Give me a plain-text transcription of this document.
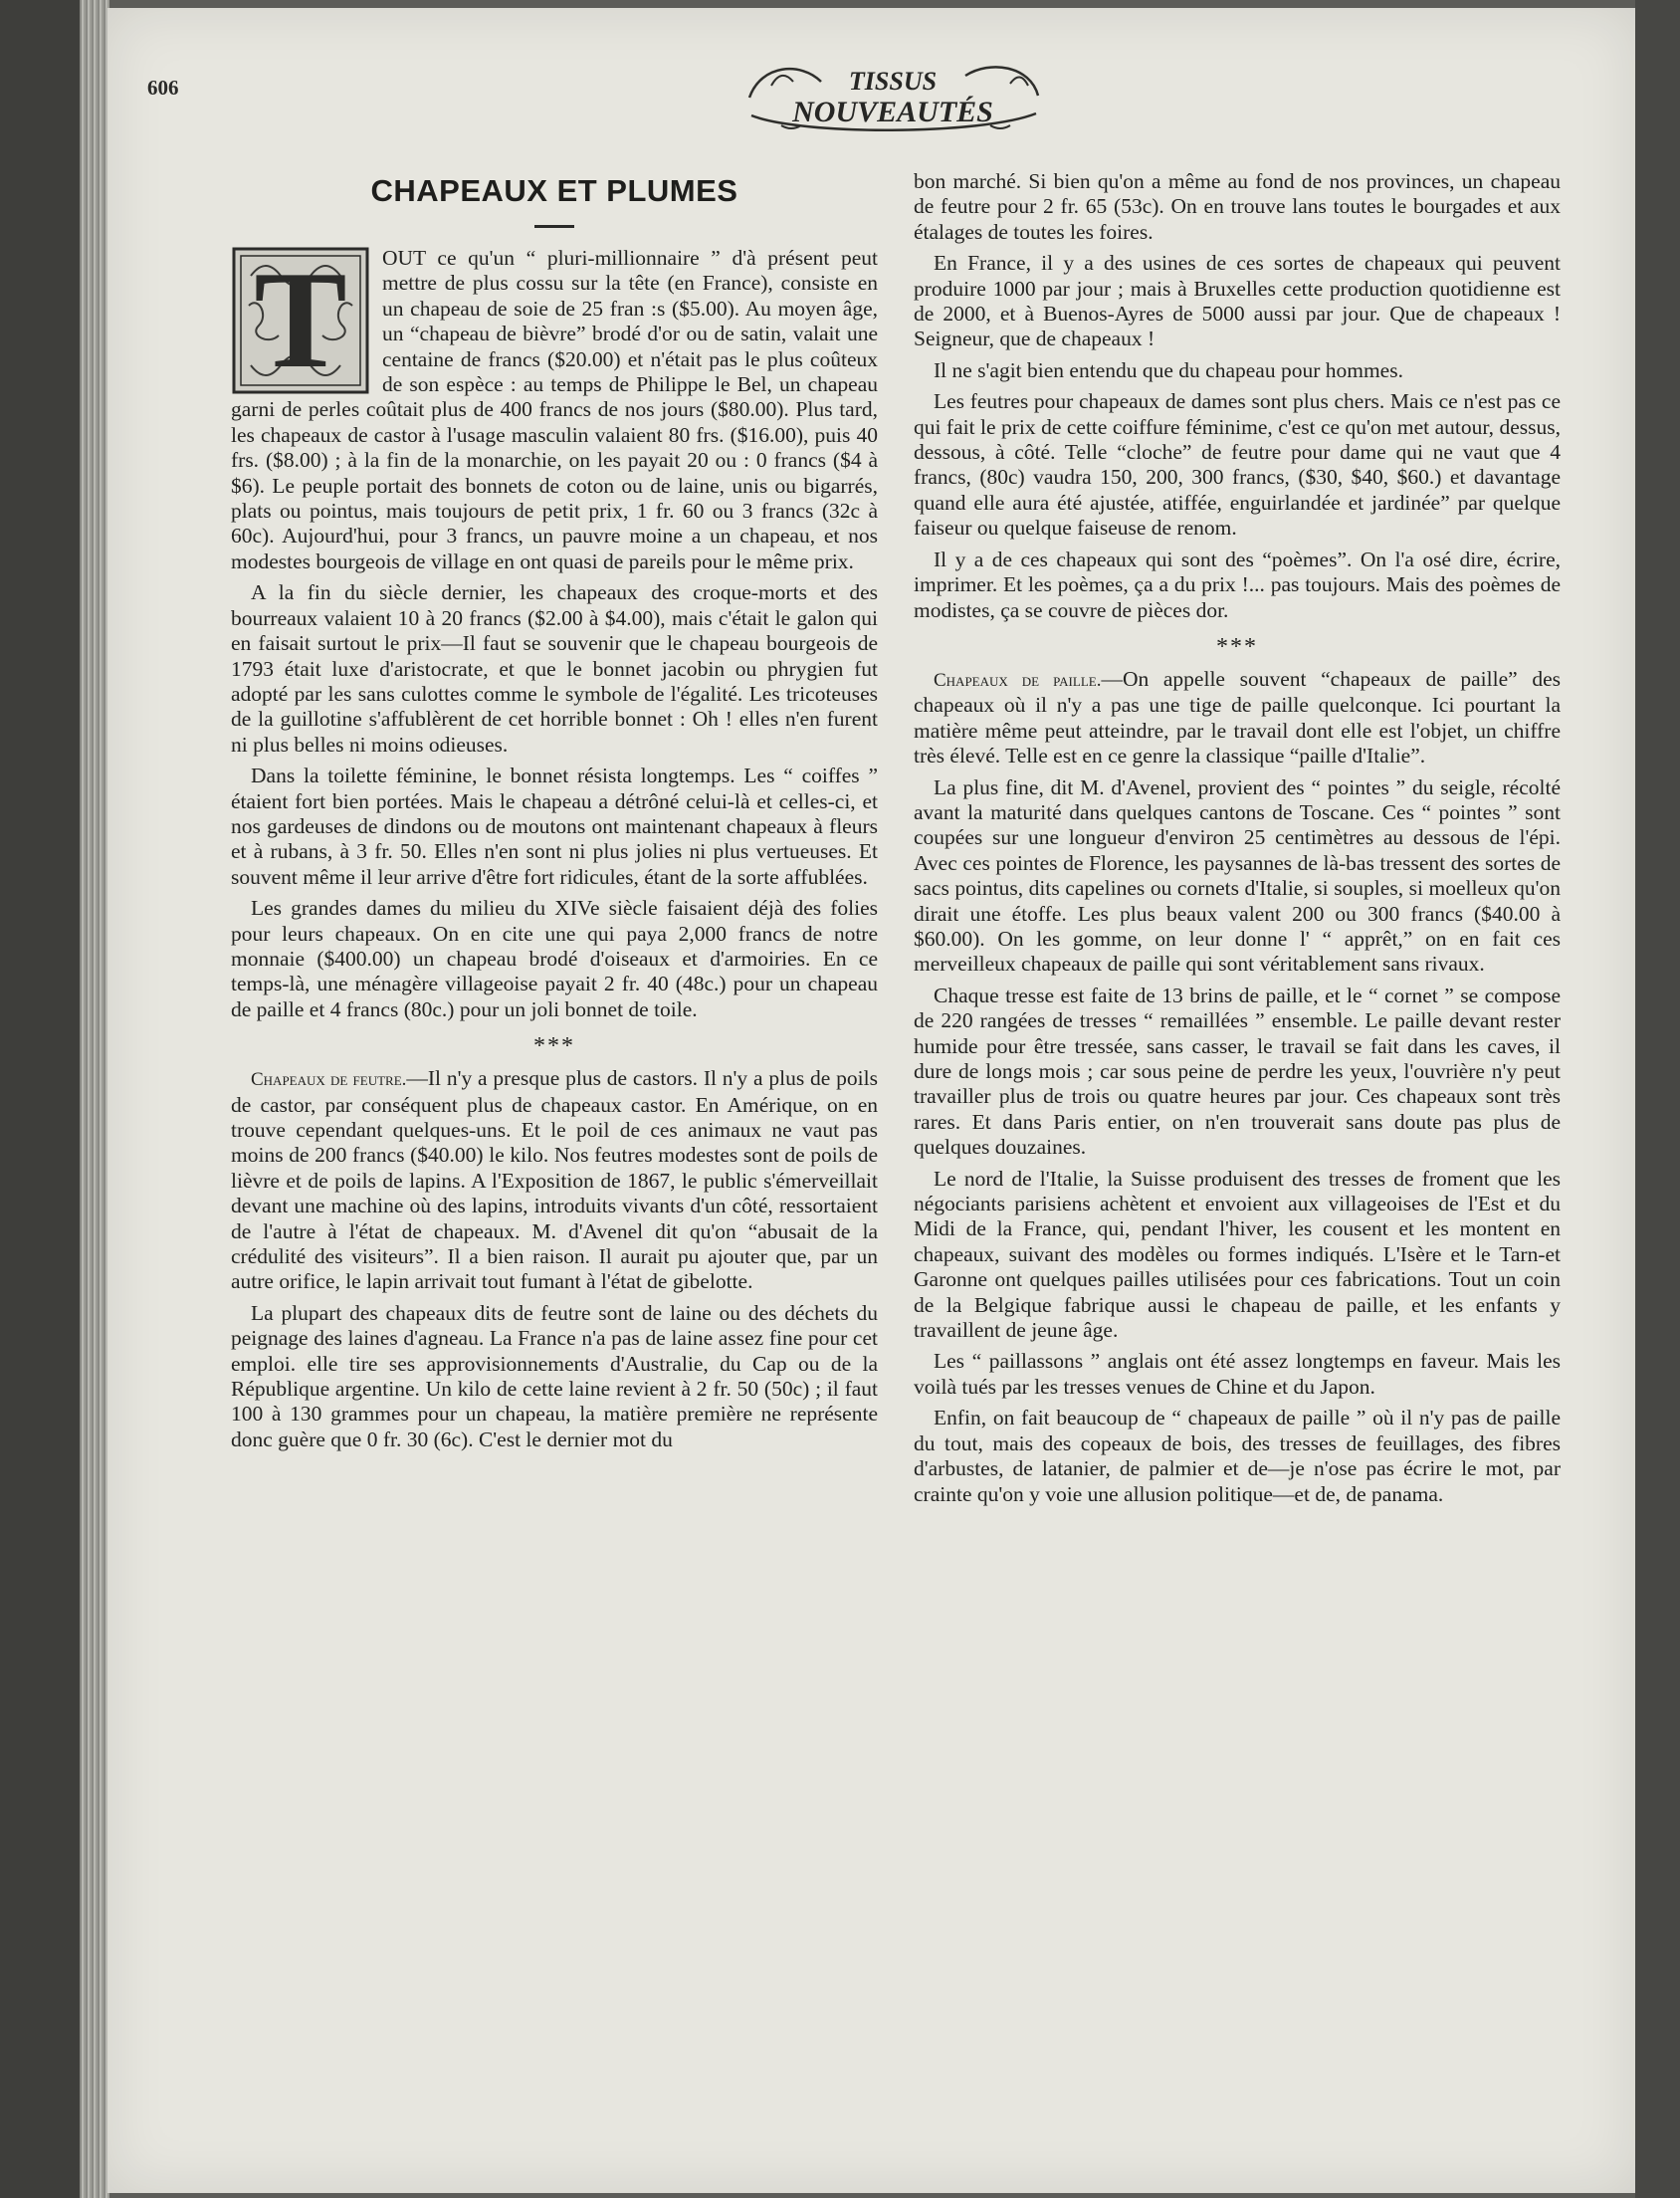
606	TISSUS
NOUVEAUTÉS
CHAPEAUX ET PLUMES
T	OUT ce qu'un “ pluri-millionnaire ” d'à présent peut mettre de plus cossu sur la tête (en France), consiste en un chapeau de soie de 25 fran :s ($5.00). Au moyen âge, un “chapeau de bièvre” brodé d'or ou de satin, valait une centaine de francs ($20.00) et n'était pas le plus coûteux de son espèce : au temps de Philippe le Bel, un chapeau garni de perles coûtait plus de 400 francs de nos jours ($80.00). Plus tard, les chapeaux de castor à l'usage masculin valaient 80 frs. ($16.00), puis 40 frs. ($8.00) ; à la fin de la monarchie, on les payait 20 ou : 0 francs ($4 à $6). Le peuple portait des bonnets de coton ou de laine, unis ou bigarrés, plats ou pointus, mais toujours de petit prix, 1 fr. 60 ou 3 francs (32c à 60c). Aujourd'hui, pour 3 francs, un pauvre moine a un chapeau, et nos modestes bourgeois de village en ont quasi de pareils pour le même prix.

A la fin du siècle dernier, les chapeaux des croque-morts et des bourreaux valaient 10 à 20 francs ($2.00 à $4.00), mais c'était le galon qui en faisait surtout le prix—Il faut se souvenir que le chapeau bourgeois de 1793 était luxe d'aristocrate, et que le bonnet jacobin ou phrygien fut adopté par les sans culottes comme le symbole de l'égalité. Les tricoteuses de la guillotine s'affublèrent de cet horrible bonnet : Oh ! elles n'en furent ni plus belles ni moins odieuses.

Dans la toilette féminine, le bonnet résista longtemps. Les “ coiffes ” étaient fort bien portées. Mais le chapeau a détrôné celui-là et celles-ci, et nos gardeuses de dindons ou de moutons ont maintenant chapeaux à fleurs et à rubans, à 3 fr. 50. Elles n'en sont ni plus jolies ni plus vertueuses. Et souvent même il leur arrive d'être fort ridicules, étant de la sorte affublées.

Les grandes dames du milieu du XIVe siècle faisaient déjà des folies pour leurs chapeaux. On en cite une qui paya 2,000 francs de notre monnaie ($400.00) un chapeau brodé d'oiseaux et d'armoiries. En ce temps-là, une ménagère villageoise payait 2 fr. 40 (48c.) pour un chapeau de paille et 4 francs (80c.) pour un joli bonnet de toile.

***

Chapeaux de feutre.—Il n'y a presque plus de castors. Il n'y a plus de poils de castor, par conséquent plus de chapeaux castor. En Amérique, on en trouve cependant quelques-uns. Et le poil de ces animaux ne vaut pas moins de 200 francs ($40.00) le kilo. Nos feutres modestes sont de poils de lièvre et de poils de lapins. A l'Exposition de 1867, le public s'émerveillait devant une machine où des lapins, introduits vivants d'un côté, ressortaient de l'autre à l'état de chapeaux. M. d'Avenel dit qu'on “abusait de la crédulité des visiteurs”. Il a bien raison. Il aurait pu ajouter que, par un autre orifice, le lapin arrivait tout fumant à l'état de gibelotte.

La plupart des chapeaux dits de feutre sont de laine ou des déchets du peignage des laines d'agneau. La France n'a pas de laine assez fine pour cet emploi. elle tire ses approvisionnements d'Australie, du Cap ou de la République argentine. Un kilo de cette laine revient à 2 fr. 50 (50c) ; il faut 100 à 130 grammes pour un chapeau, la matière première ne représente donc guère que 0 fr. 30 (6c). C'est le dernier mot du

bon marché. Si bien qu'on a même au fond de nos provinces, un chapeau de feutre pour 2 fr. 65 (53c). On en trouve lans toutes le bourgades et aux étalages de toutes les foires.

En France, il y a des usines de ces sortes de chapeaux qui peuvent produire 1000 par jour ; mais à Bruxelles cette production quotidienne est de 2000, et à Buenos-Ayres de 5000 aussi par jour. Que de chapeaux ! Seigneur, que de chapeaux !

Il ne s'agit bien entendu que du chapeau pour hommes.

Les feutres pour chapeaux de dames sont plus chers. Mais ce n'est pas ce qui fait le prix de cette coiffure féminime, c'est ce qu'on met autour, dessus, dessous, à côté. Telle “cloche” de feutre pour dame qui ne vaut que 4 francs, (80c) vaudra 150, 200, 300 francs, ($30, $40, $60.) et davantage quand elle aura été ajustée, atiffée, enguirlandée et jardinée” par quelque faiseur ou quelque faiseuse de renom.

Il y a de ces chapeaux qui sont des “poèmes”. On l'a osé dire, écrire, imprimer. Et les poèmes, ça a du prix !... pas toujours. Mais des poèmes de modistes, ça se couvre de pièces dor.

***

Chapeaux de paille.—On appelle souvent “chapeaux de paille” des chapeaux où il n'y a pas une tige de paille quelconque. Ici pourtant la matière même peut atteindre, par le travail dont elle est l'objet, un chiffre très élevé. Telle est en ce genre la classique “paille d'Italie”.

La plus fine, dit M. d'Avenel, provient des “ pointes ” du seigle, récolté avant la maturité dans quelques cantons de Toscane. Ces “ pointes ” sont coupées sur une longueur d'environ 25 centimètres au dessous de l'épi. Avec ces pointes de Florence, les paysannes de là-bas tressent des sortes de sacs pointus, dits capelines ou cornets d'Italie, si souples, si moelleux qu'on dirait une étoffe. Les plus beaux valent 200 ou 300 francs ($40.00 à $60.00). On les gomme, on leur donne l' “ apprêt,” on en fait ces merveilleux chapeaux de paille qui sont véritablement sans rivaux.

Chaque tresse est faite de 13 brins de paille, et le “ cornet ” se compose de 220 rangées de tresses “ remaillées ” ensemble. Le paille devant rester humide pour être tressée, sans casser, le travail se fait dans les caves, il dure de longs mois ; car sous peine de perdre les yeux, l'ouvrière n'y peut travailler plus de trois ou quatre heures par jour. Ces chapeaux sont très rares. Et dans Paris entier, on n'en trouverait sans doute pas plus de quelques douzaines.

Le nord de l'Italie, la Suisse produisent des tresses de froment que les négociants parisiens achètent et envoient aux villageoises de l'Est et du Midi de la France, qui, pendant l'hiver, les cousent et les montent en chapeaux, suivant des modèles ou formes indiqués. L'Isère et le Tarn-et Garonne ont quelques pailles utilisées pour ces fabrications. Tout un coin de la Belgique fabrique aussi le chapeau de paille, et les enfants y travaillent de jeune âge.

Les “ paillassons ” anglais ont été assez longtemps en faveur. Mais les voilà tués par les tresses venues de Chine et du Japon.

Enfin, on fait beaucoup de “ chapeaux de paille ” où il n'y pas de paille du tout, mais des copeaux de bois, des tresses de feuillages, des fibres d'arbustes, de latanier, de palmier et de—je n'ose pas écrire le mot, par crainte qu'on y voie une allusion politique—et de, de panama.
